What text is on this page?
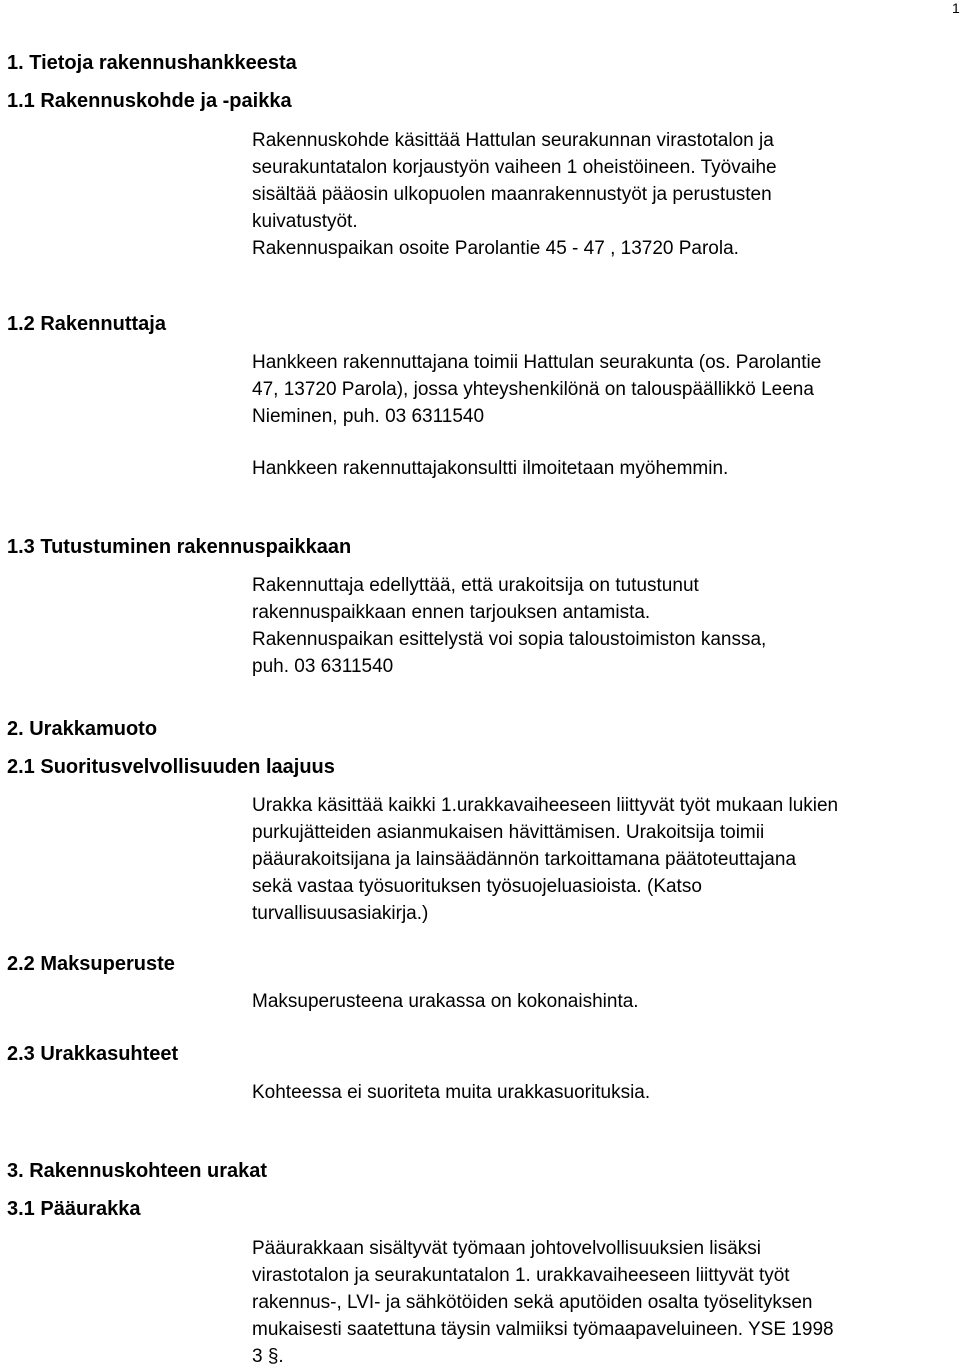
1
1. Tietoja rakennushankkeesta
1.1 Rakennuskohde ja -paikka
Rakennuskohde käsittää Hattulan seurakunnan virastotalon ja
seurakuntatalon korjaustyön vaiheen 1 oheistöineen. Työvaihe
sisältää pääosin ulkopuolen maanrakennustyöt ja perustusten
kuivatustyöt.
Rakennuspaikan osoite Parolantie 45 - 47 , 13720 Parola.
1.2 Rakennuttaja
Hankkeen rakennuttajana toimii Hattulan seurakunta (os. Parolantie
47, 13720 Parola), jossa yhteyshenkilönä on talouspäällikkö Leena
Nieminen, puh. 03 6311540
Hankkeen rakennuttajakonsultti ilmoitetaan myöhemmin.
1.3 Tutustuminen rakennuspaikkaan
Rakennuttaja edellyttää, että urakoitsija on tutustunut
rakennuspaikkaan ennen tarjouksen antamista.
Rakennuspaikan esittelystä voi sopia taloustoimiston kanssa,
puh. 03 6311540
2. Urakkamuoto
2.1 Suoritusvelvollisuuden laajuus
Urakka käsittää kaikki 1.urakkavaiheeseen liittyvät työt mukaan lukien
purkujätteiden asianmukaisen hävittämisen. Urakoitsija toimii
pääurakoitsijana ja lainsäädännön tarkoittamana päätoteuttajana
sekä vastaa työsuorituksen työsuojeluasioista. (Katso
turvallisuusasiakirja.)
2.2 Maksuperuste
Maksuperusteena urakassa on kokonaishinta.
2.3 Urakkasuhteet
Kohteessa ei suoriteta muita urakkasuorituksia.
3. Rakennuskohteen urakat
3.1 Pääurakka
Pääurakkaan sisältyvät työmaan johtovelvollisuuksien lisäksi
virastotalon ja seurakuntatalon 1. urakkavaiheeseen liittyvät työt
rakennus-, LVI- ja sähkötöiden sekä aputöiden osalta työselityksen
mukaisesti saatettuna täysin valmiiksi työmaapaveluineen. YSE 1998
3 §.
